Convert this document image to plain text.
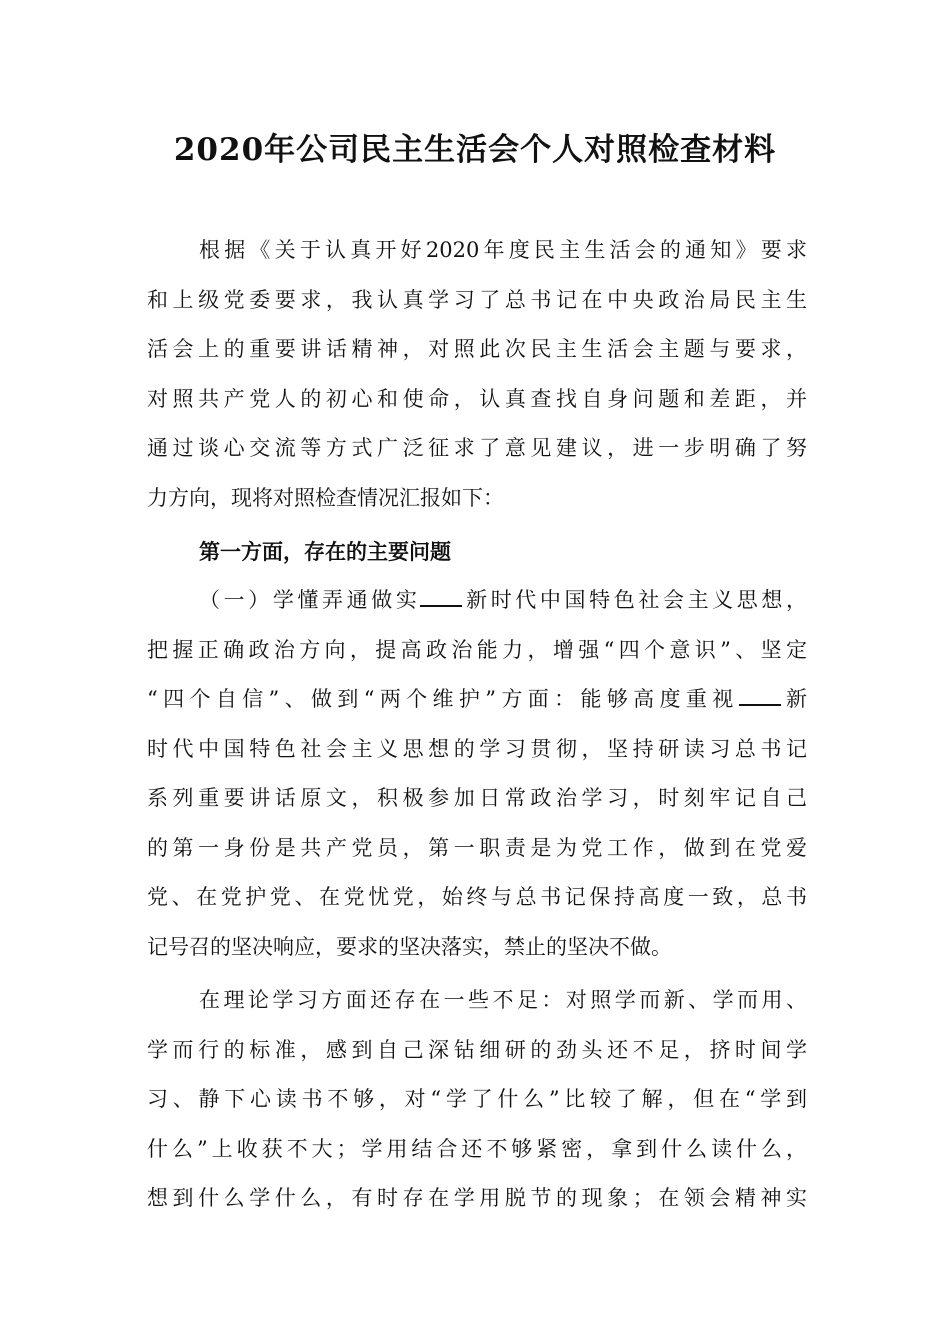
2020年公司民主生活会个人对照检查材料
根据《关于认真开好2020年度民主生活会的通知》要求
和上级党委要求，我认真学习了总书记在中央政治局民主生
活会上的重要讲话精神，对照此次民主生活会主题与要求，
对照共产党人的初心和使命，认真查找自身问题和差距，并
通过谈心交流等方式广泛征求了意见建议，进一步明确了努
力方向，现将对照检查情况汇报如下：
第一方面，存在的主要问题
（一）学懂弄通做实 新时代中国特色社会主义思想，
把握正确政治方向，提高政治能力，增强“四个意识”、坚定
“四个自信”、做到“两个维护”方面：能够高度重视 新
时代中国特色社会主义思想的学习贯彻，坚持研读习总书记
系列重要讲话原文，积极参加日常政治学习，时刻牢记自己
的第一身份是共产党员，第一职责是为党工作，做到在党爱
党、在党护党、在党忧党，始终与总书记保持高度一致，总书
记号召的坚决响应，要求的坚决落实，禁止的坚决不做。
在理论学习方面还存在一些不足：对照学而新、学而用、
学而行的标准，感到自己深钻细研的劲头还不足，挤时间学
习、静下心读书不够，对“学了什么”比较了解，但在“学到
什么”上收获不大；学用结合还不够紧密，拿到什么读什么，
想到什么学什么，有时存在学用脱节的现象；在领会精神实
